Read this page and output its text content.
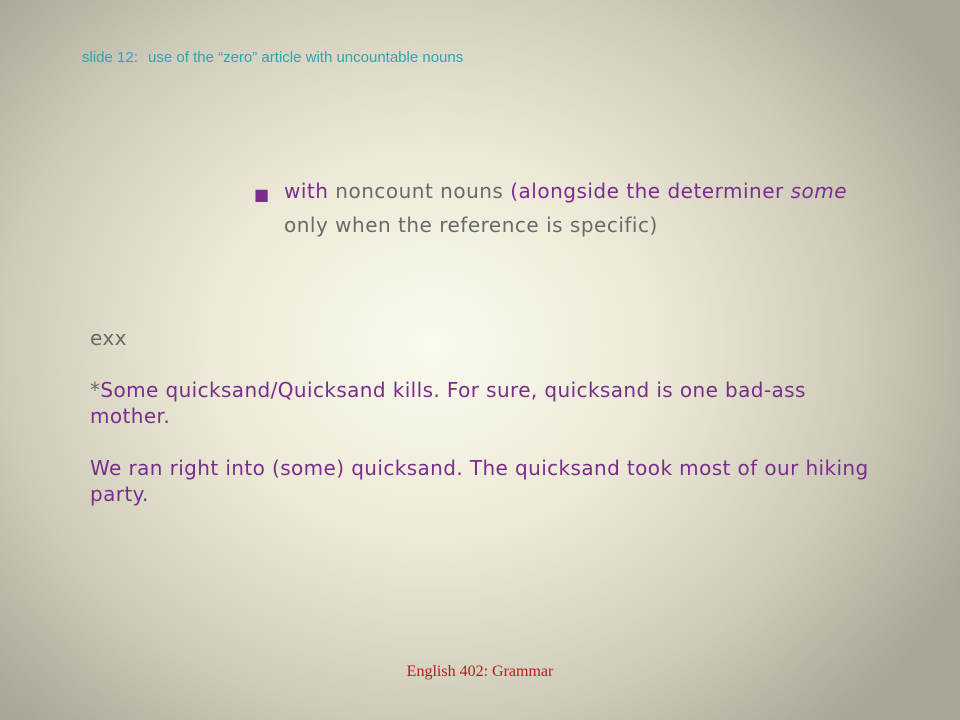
slide 12: use of the “zero” article with uncountable nouns
■ with noncount nouns (alongside the determiner some only when the reference is specific)

exx

*Some quicksand/Quicksand kills. For sure, quicksand is one bad-ass mother.

We ran right into (some) quicksand. The quicksand took most of our hiking party.

English 402: Grammar
